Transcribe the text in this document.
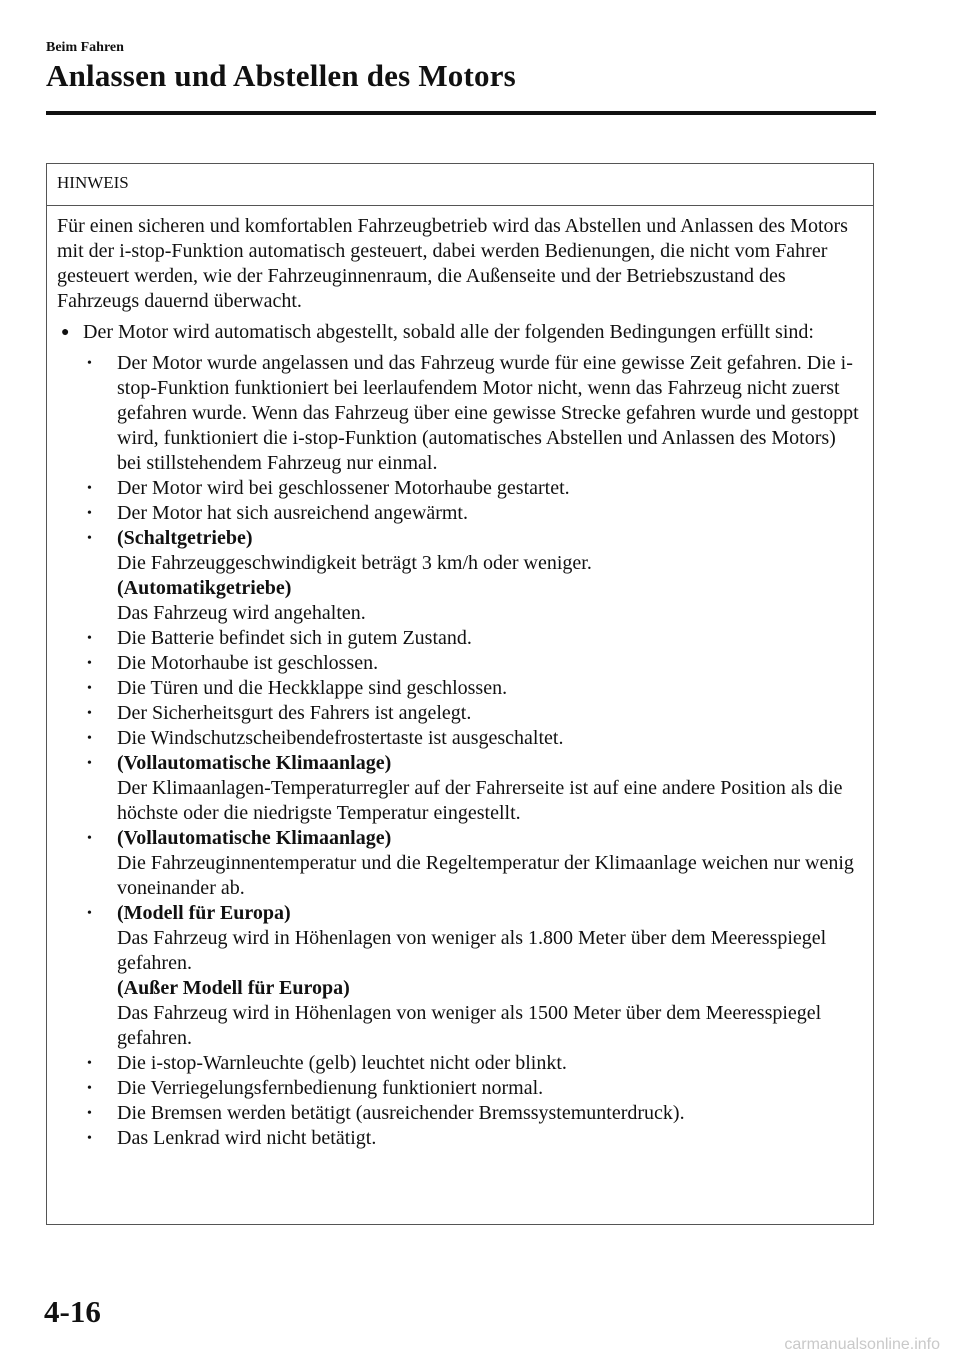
Beim Fahren
Anlassen und Abstellen des Motors
HINWEIS

Für einen sicheren und komfortablen Fahrzeugbetrieb wird das Abstellen und Anlassen des Motors mit der i-stop-Funktion automatisch gesteuert, dabei werden Bedienungen, die nicht vom Fahrer gesteuert werden, wie der Fahrzeuginnenraum, die Außenseite und der Betriebszustand des Fahrzeugs dauernd überwacht.

● Der Motor wird automatisch abgestellt, sobald alle der folgenden Bedingungen erfüllt sind:
•	Der Motor wurde angelassen und das Fahrzeug wurde für eine gewisse Zeit gefahren. Die i-stop-Funktion funktioniert bei leerlaufendem Motor nicht, wenn das Fahrzeug nicht zuerst gefahren wurde. Wenn das Fahrzeug über eine gewisse Strecke gefahren wurde und gestoppt wird, funktioniert die i-stop-Funktion (automatisches Abstellen und Anlassen des Motors) bei stillstehendem Fahrzeug nur einmal.
•	Der Motor wird bei geschlossener Motorhaube gestartet.
•	Der Motor hat sich ausreichend angewärmt.
•	(Schaltgetriebe)
Die Fahrzeuggeschwindigkeit beträgt 3 km/h oder weniger.
(Automatikgetriebe)
Das Fahrzeug wird angehalten.
•	Die Batterie befindet sich in gutem Zustand.
•	Die Motorhaube ist geschlossen.
•	Die Türen und die Heckklappe sind geschlossen.
•	Der Sicherheitsgurt des Fahrers ist angelegt.
•	Die Windschutzscheibendefrostertaste ist ausgeschaltet.
•	(Vollautomatische Klimaanlage)
Der Klimaanlagen-Temperaturregler auf der Fahrerseite ist auf eine andere Position als die höchste oder die niedrigste Temperatur eingestellt.
•	(Vollautomatische Klimaanlage)
Die Fahrzeuginnentemperatur und die Regeltemperatur der Klimaanlage weichen nur wenig voneinander ab.
•	(Modell für Europa)
Das Fahrzeug wird in Höhenlagen von weniger als 1.800 Meter über dem Meeresspiegel gefahren.
(Außer Modell für Europa)
Das Fahrzeug wird in Höhenlagen von weniger als 1500 Meter über dem Meeresspiegel gefahren.
•	Die i-stop-Warnleuchte (gelb) leuchtet nicht oder blinkt.
•	Die Verriegelungsfernbedienung funktioniert normal.
•	Die Bremsen werden betätigt (ausreichender Bremssystemunterdruck).
•	Das Lenkrad wird nicht betätigt.
4-16
carmanualsonline.info
